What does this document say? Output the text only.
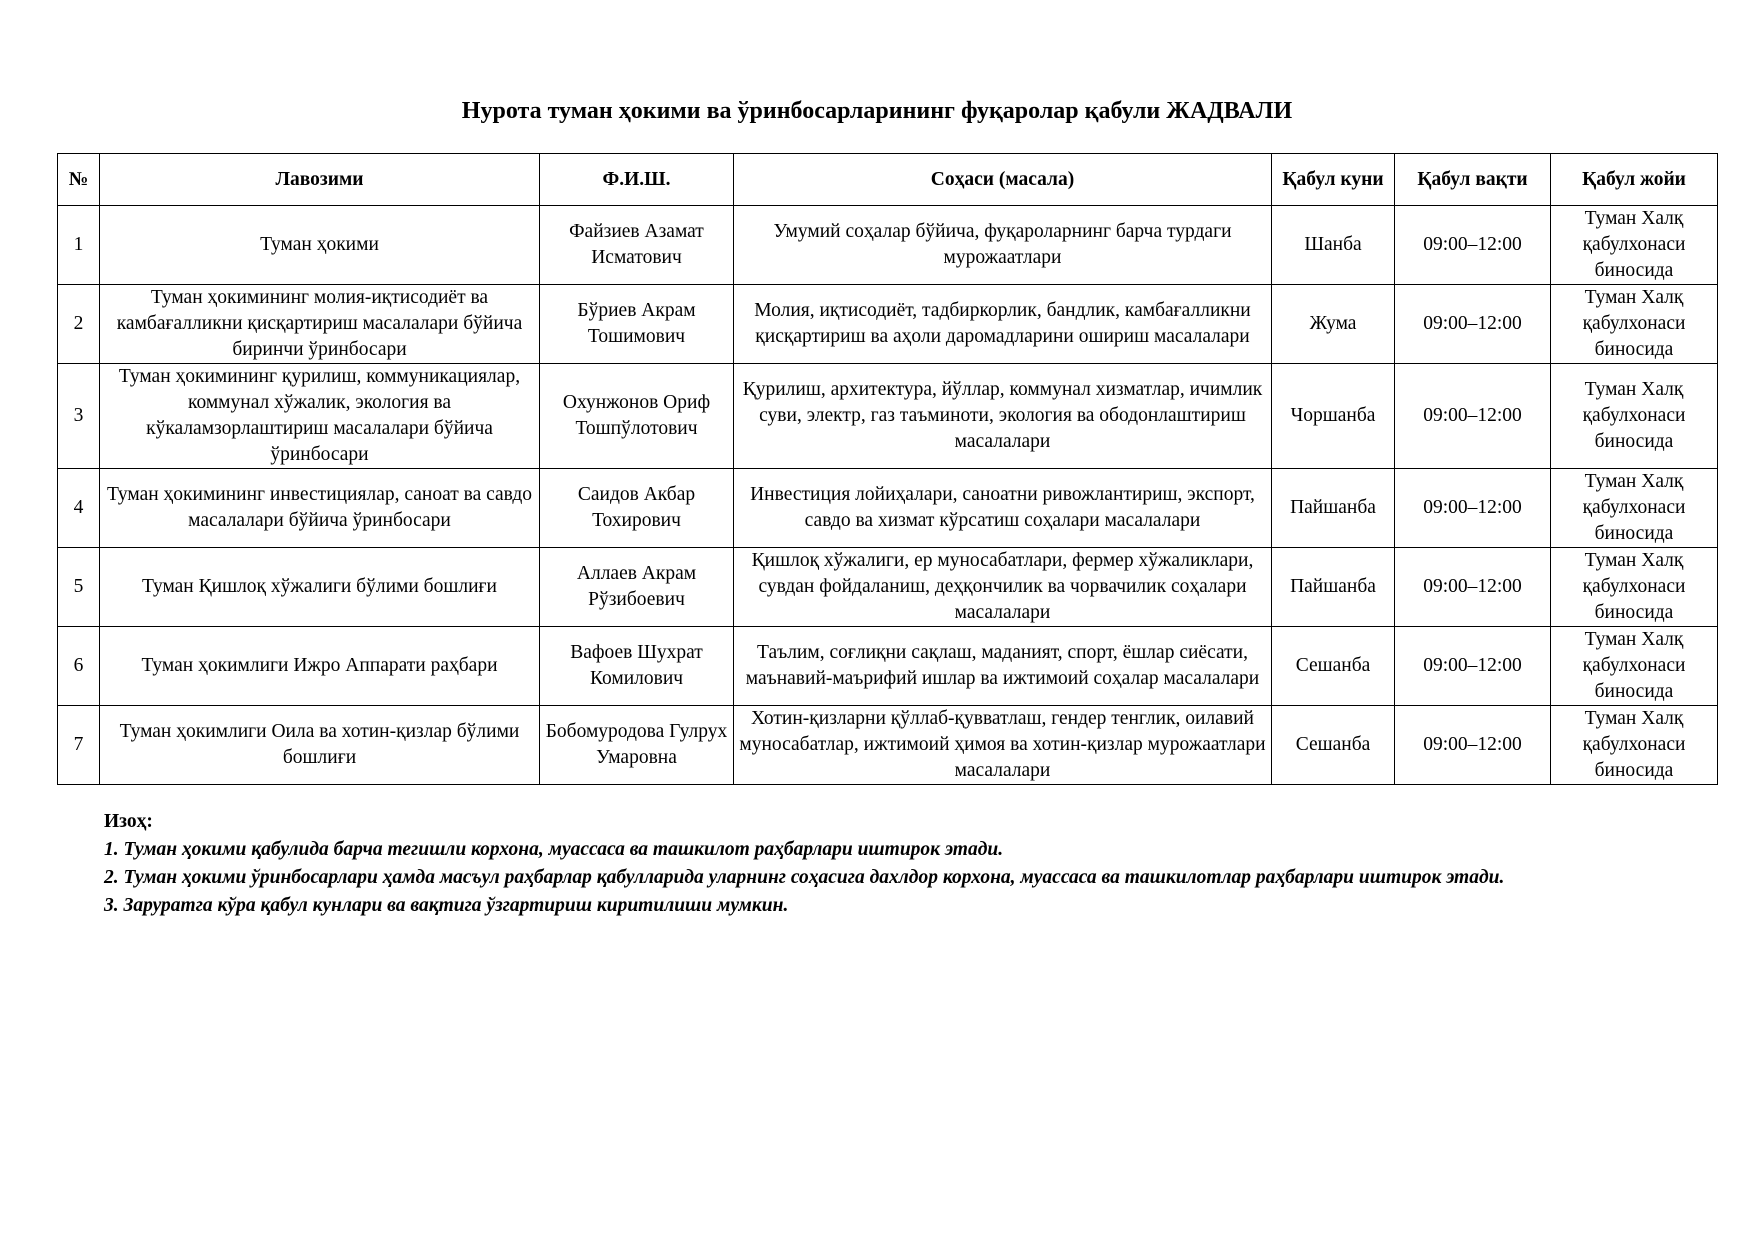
Нурота туман ҳокими ва ўринбосарларининг фуқаролар қабули ЖАДВАЛИ
№	Лавозими	Ф.И.Ш.	Соҳаси (масала)	Қабул куни	Қабул вақти	Қабул жойи
1	Туман ҳокими	Файзиев Азамат Исматович	Умумий соҳалар бўйича, фуқароларнинг барча турдаги мурожаатлари	Шанба	09:00–12:00	Туман Халқ қабулхонаси биносида
2	Туман ҳокимининг молия-иқтисодиёт ва камбағалликни қисқартириш масалалари бўйича биринчи ўринбосари	Бўриев Акрам Тошимович	Молия, иқтисодиёт, тадбиркорлик, бандлик, камбағалликни қисқартириш ва аҳоли даромадларини ошириш масалалари	Жума	09:00–12:00	Туман Халқ қабулхонаси биносида
3	Туман ҳокимининг қурилиш, коммуникациялар, коммунал хўжалик, экология ва кўкаламзорлаштириш масалалари бўйича ўринбосари	Охунжонов Ориф Тошпўлотович	Қурилиш, архитектура, йўллар, коммунал хизматлар, ичимлик суви, электр, газ таъминоти, экология ва ободонлаштириш масалалари	Чоршанба	09:00–12:00	Туман Халқ қабулхонаси биносида
4	Туман ҳокимининг инвестициялар, саноат ва савдо масалалари бўйича ўринбосари	Саидов Акбар Тохирович	Инвестиция лойиҳалари, саноатни ривожлантириш, экспорт, савдо ва хизмат кўрсатиш соҳалари масалалари	Пайшанба	09:00–12:00	Туман Халқ қабулхонаси биносида
5	Туман Қишлоқ хўжалиги бўлими бошлиғи	Аллаев Акрам Рўзибоевич	Қишлоқ хўжалиги, ер муносабатлари, фермер хўжаликлари, сувдан фойдаланиш, деҳқончилик ва чорвачилик соҳалари масалалари	Пайшанба	09:00–12:00	Туман Халқ қабулхонаси биносида
6	Туман ҳокимлиги Ижро Аппарати раҳбари	Вафоев Шухрат Комилович	Таълим, соғлиқни сақлаш, маданият, спорт, ёшлар сиёсати, маънавий-маърифий ишлар ва ижтимоий соҳалар масалалари	Сешанба	09:00–12:00	Туман Халқ қабулхонаси биносида
7	Туман ҳокимлиги Оила ва хотин-қизлар бўлими бошлиғи	Бобомуродова Гулрух Умаровна	Хотин-қизларни қўллаб-қувватлаш, гендер тенглик, оилавий муносабатлар, ижтимоий ҳимоя ва хотин-қизлар мурожаатлари масалалари	Сешанба	09:00–12:00	Туман Халқ қабулхонаси биносида
Изоҳ:
1. Туман ҳокими қабулида барча тегишли корхона, муассаса ва ташкилот раҳбарлари иштирок этади.
2. Туман ҳокими ўринбосарлари ҳамда масъул раҳбарлар қабулларида уларнинг соҳасига дахлдор корхона, муассаса ва ташкилотлар раҳбарлари иштирок этади.
3. Заруратга кўра қабул кунлари ва вақтига ўзгартириш киритилиши мумкин.
